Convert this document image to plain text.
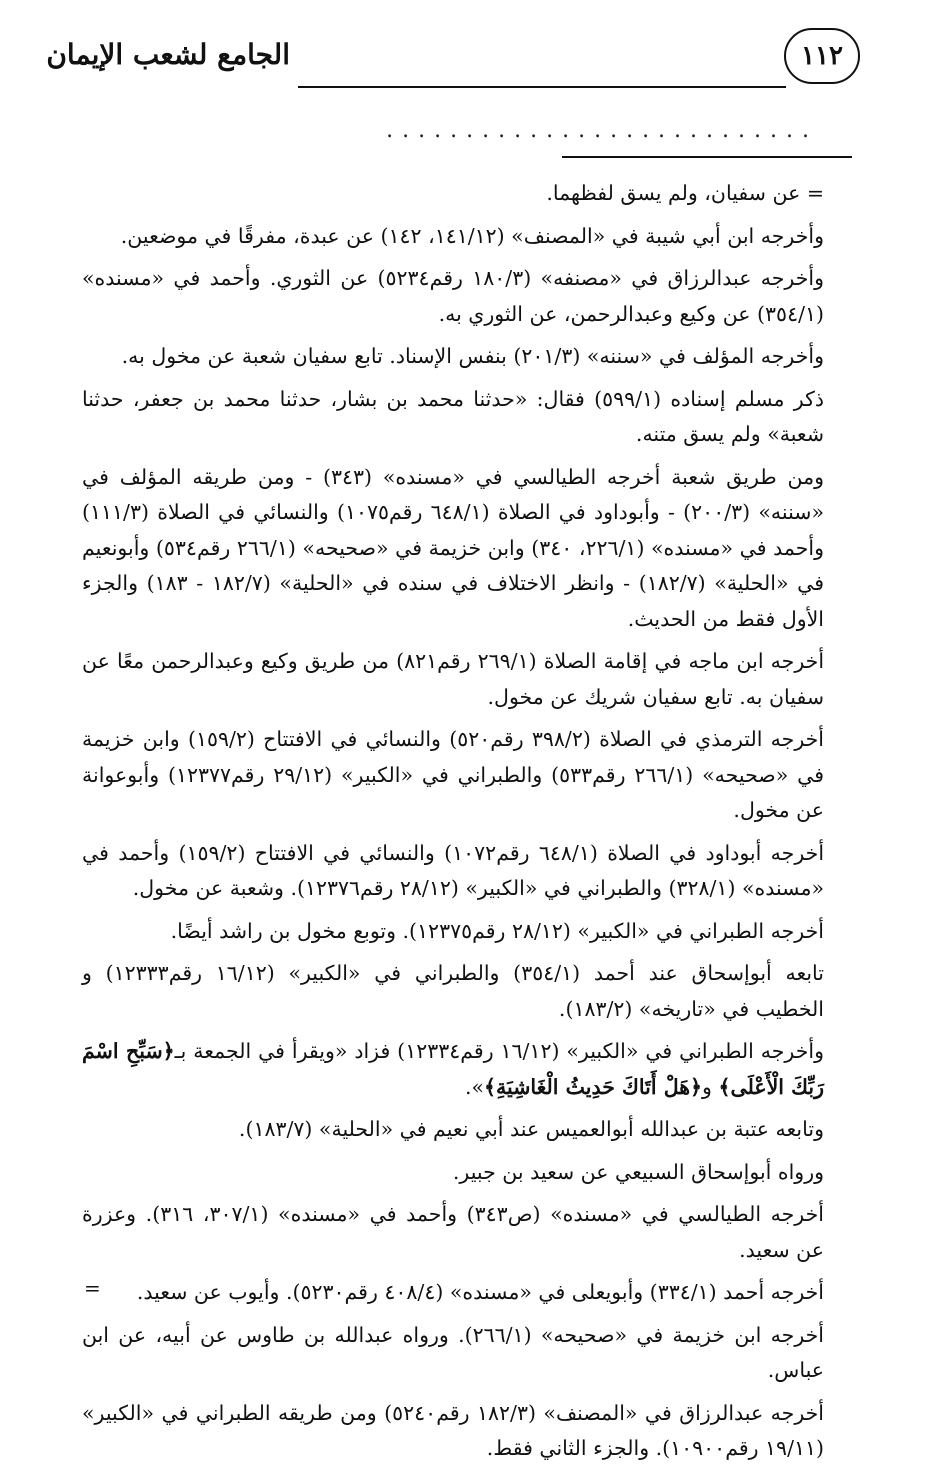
١١٢
الجامع لشعب الإيمان
...........................

= عن سفيان، ولم يسق لفظهما.

وأخرجه ابن أبي شيبة في «المصنف» (١٤١/١٢، ١٤٢) عن عبدة، مفرقًا في موضعين.

وأخرجه عبدالرزاق في «مصنفه» (١٨٠/٣ رقم٥٢٣٤) عن الثوري. وأحمد في «مسنده» (٣٥٤/١) عن وكيع وعبدالرحمن، عن الثوري به.

وأخرجه المؤلف في «سننه» (٢٠١/٣) بنفس الإسناد. تابع سفيان شعبة عن مخول به.

ذكر مسلم إسناده (٥٩٩/١) فقال: «حدثنا محمد بن بشار، حدثنا محمد بن جعفر، حدثنا شعبة» ولم يسق متنه.

ومن طريق شعبة أخرجه الطيالسي في «مسنده» (٣٤٣) - ومن طريقه المؤلف في «سننه» (٢٠٠/٣) - وأبوداود في الصلاة (٦٤٨/١ رقم١٠٧٥) والنسائي في الصلاة (١١١/٣) وأحمد في «مسنده» (٢٢٦/١، ٣٤٠) وابن خزيمة في «صحيحه» (٢٦٦/١ رقم٥٣٤) وأبونعيم في «الحلية» (١٨٢/٧) - وانظر الاختلاف في سنده في «الحلية» (١٨٢/٧ - ١٨٣) والجزء الأول فقط من الحديث.

أخرجه ابن ماجه في إقامة الصلاة (٢٦٩/١ رقم٨٢١) من طريق وكيع وعبدالرحمن معًا عن سفيان به. تابع سفيان شريك عن مخول.

أخرجه الترمذي في الصلاة (٣٩٨/٢ رقم٥٢٠) والنسائي في الافتتاح (١٥٩/٢) وابن خزيمة في «صحيحه» (٢٦٦/١ رقم٥٣٣) والطبراني في «الكبير» (٢٩/١٢ رقم١٢٣٧٧) وأبوعوانة عن مخول.

أخرجه أبوداود في الصلاة (٦٤٨/١ رقم١٠٧٢) والنسائي في الافتتاح (١٥٩/٢) وأحمد في «مسنده» (٣٢٨/١) والطبراني في «الكبير» (٢٨/١٢ رقم١٢٣٧٦). وشعبة عن مخول.

أخرجه الطبراني في «الكبير» (٢٨/١٢ رقم١٢٣٧٥). وتوبع مخول بن راشد أيضًا.

تابعه أبوإسحاق عند أحمد (٣٥٤/١) والطبراني في «الكبير» (١٦/١٢ رقم١٢٣٣٣) و الخطيب في «تاريخه» (١٨٣/٢).

وأخرجه الطبراني في «الكبير» (١٦/١٢ رقم١٢٣٣٤) فزاد «ويقرأ في الجمعة بـ﴿سَبِّحِ اسْمَ رَبِّكَ الْأَعْلَى﴾ و﴿هَلْ أَتَاكَ حَدِيثُ الْغَاشِيَةِ﴾».

وتابعه عتبة بن عبدالله أبوالعميس عند أبي نعيم في «الحلية» (١٨٣/٧).

ورواه أبوإسحاق السبيعي عن سعيد بن جبير.

أخرجه الطيالسي في «مسنده» (ص٣٤٣) وأحمد في «مسنده» (٣٠٧/١، ٣١٦). وعزرة عن سعيد.

أخرجه أحمد (٣٣٤/١) وأبويعلى في «مسنده» (٤٠٨/٤ رقم٥٢٣٠). وأيوب عن سعيد.

أخرجه ابن خزيمة في «صحيحه» (٢٦٦/١). ورواه عبدالله بن طاوس عن أبيه، عن ابن عباس.

أخرجه عبدالرزاق في «المصنف» (١٨٢/٣ رقم٥٢٤٠) ومن طريقه الطبراني في «الكبير» (١٩/١١ رقم١٠٩٠٠). والجزء الثاني فقط.

=
